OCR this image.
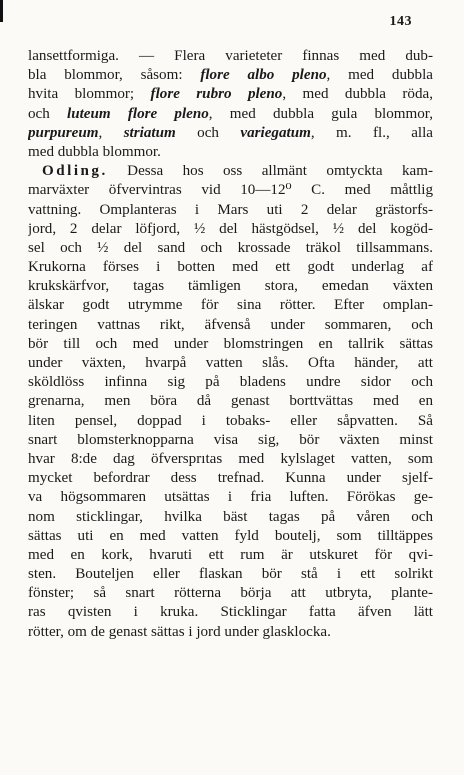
143
lansettformiga. — Flera varieteter finnas med dub-
bla blommor, såsom: flore albo pleno, med dubbla
hvita blommor; flore rubro pleno, med dubbla röda,
och luteum flore pleno, med dubbla gula blommor,
purpureum, striatum och variegatum, m. fl., alla
med dubbla blommor.
Odling. Dessa hos oss allmänt omtyckta kam-
marväxter öfvervintras vid 10—12⁰ C. med måttlig
vattning. Omplanteras i Mars uti 2 delar grästorfs-
jord, 2 delar löfjord, ½ del hästgödsel, ½ del kogöd-
sel och ½ del sand och krossade träkol tillsammans.
Krukorna förses i botten med ett godt underlag af
krukskärfvor, tagas tämligen stora, emedan växten
älskar godt utrymme för sina rötter. Efter omplan-
teringen vattnas rikt, äfvenså under sommaren, och
bör till och med under blomstringen en tallrik sättas
under växten, hvarpå vatten slås. Ofta händer, att
sköldlöss infinna sig på bladens undre sidor och
grenarna, men böra då genast borttvättas med en
liten pensel, doppad i tobaks- eller såpvatten. Så
snart blomsterknopparna visa sig, bör växten minst
hvar 8:de dag öfversprıtas med kylslaget vatten, som
mycket befordrar dess trefnad. Kunna under sjelf-
va högsommaren utsättas i fria luften. Förökas ge-
nom sticklingar, hvilka bäst tagas på våren och
sättas uti en med vatten fyld boutelj, som tilltäppes
med en kork, hvaruti ett rum är utskuret för qvi-
sten. Bouteljen eller flaskan bör stå i ett solrikt
fönster; så snart rötterna börja att utbryta, plante-
ras qvisten i kruka. Sticklingar fatta äfven lätt
rötter, om de genast sättas i jord under glasklocka.
